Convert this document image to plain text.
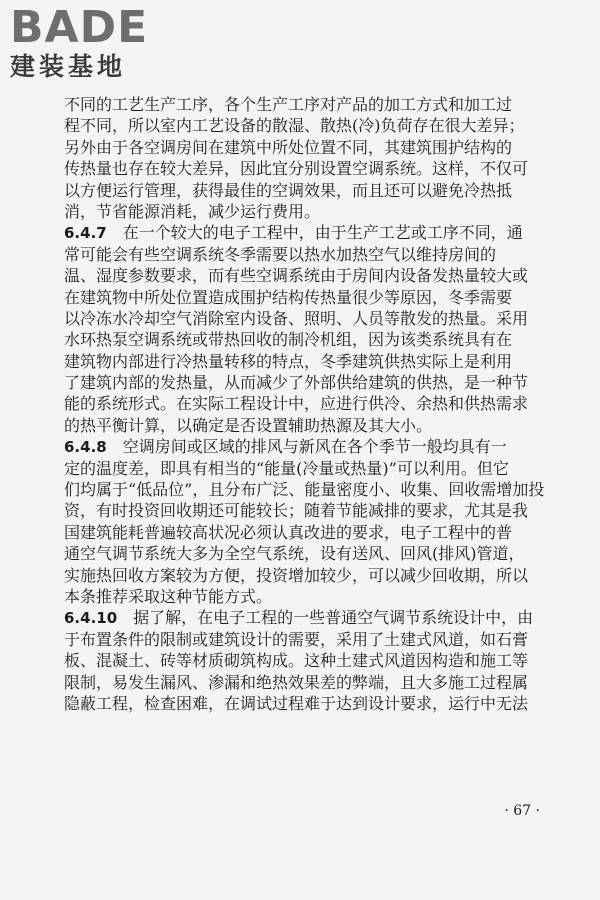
BADE
建装基地
不同的工艺生产工序，各个生产工序对产品的加工方式和加工过
程不同，所以室内工艺设备的散湿、散热(冷)负荷存在很大差异；
另外由于各空调房间在建筑中所处位置不同，其建筑围护结构的
传热量也存在较大差异，因此宜分别设置空调系统。这样，不仅可
以方便运行管理，获得最佳的空调效果，而且还可以避免冷热抵
消，节省能源消耗，减少运行费用。
6.4.7　在一个较大的电子工程中，由于生产工艺或工序不同，通
常可能会有些空调系统冬季需要以热水加热空气以维持房间的
温、湿度参数要求，而有些空调系统由于房间内设备发热量较大或
在建筑物中所处位置造成围护结构传热量很少等原因，冬季需要
以冷冻水冷却空气消除室内设备、照明、人员等散发的热量。采用
水环热泵空调系统或带热回收的制冷机组，因为该类系统具有在
建筑物内部进行冷热量转移的特点，冬季建筑供热实际上是利用
了建筑内部的发热量，从而减少了外部供给建筑的供热，是一种节
能的系统形式。在实际工程设计中，应进行供冷、余热和供热需求
的热平衡计算，以确定是否设置辅助热源及其大小。
6.4.8　空调房间或区域的排风与新风在各个季节一般均具有一
定的温度差，即具有相当的“能量(冷量或热量)”可以利用。但它
们均属于“低品位”，且分布广泛、能量密度小、收集、回收需增加投
资，有时投资回收期还可能较长；随着节能减排的要求，尤其是我
国建筑能耗普遍较高状况必须认真改进的要求，电子工程中的普
通空气调节系统大多为全空气系统，设有送风、回风(排风)管道，
实施热回收方案较为方便，投资增加较少，可以减少回收期，所以
本条推荐采取这种节能方式。
6.4.10　据了解，在电子工程的一些普通空气调节系统设计中，由
于布置条件的限制或建筑设计的需要，采用了土建式风道，如石膏
板、混凝土、砖等材质砌筑构成。这种土建式风道因构造和施工等
限制，易发生漏风、渗漏和绝热效果差的弊端，且大多施工过程属
隐蔽工程，检查困难，在调试过程难于达到设计要求，运行中无法
· 67 ·
